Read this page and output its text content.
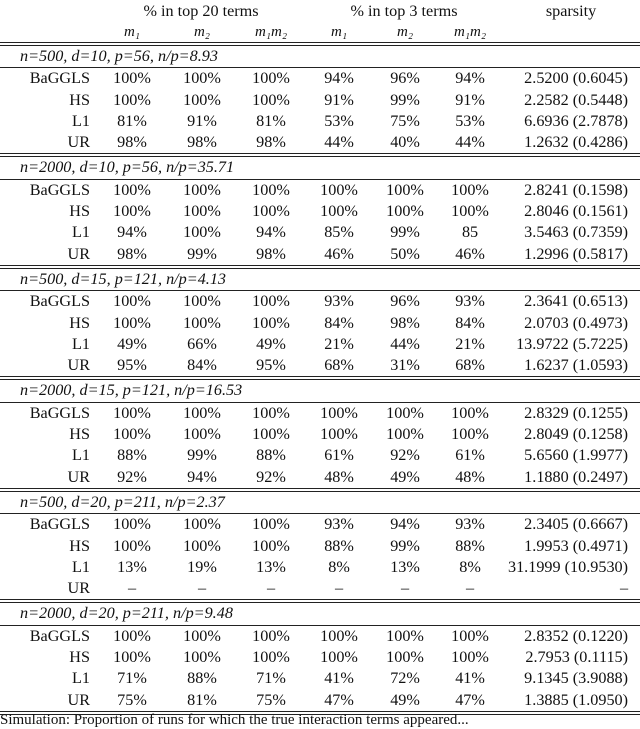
	% in top 20 terms			% in top 3 terms			sparsity
	m₁	m₂	m₁m₂	m₁	m₂	m₁m₂	
n=500, d=10, p=56, n/p=8.93							
BaGGLS	100%	100%	100%	94%	96%	94%	2.5200 (0.6045)
HS	100%	100%	100%	91%	99%	91%	2.2582 (0.5448)
L1	81%	91%	81%	53%	75%	53%	6.6936 (2.7878)
UR	98%	98%	98%	44%	40%	44%	1.2632 (0.4286)
n=2000, d=10, p=56, n/p=35.71							
BaGGLS	100%	100%	100%	100%	100%	100%	2.8241 (0.1598)
HS	100%	100%	100%	100%	100%	100%	2.8046 (0.1561)
L1	94%	100%	94%	85%	99%	85	3.5463 (0.7359)
UR	98%	99%	98%	46%	50%	46%	1.2996 (0.5817)
n=500, d=15, p=121, n/p=4.13							
BaGGLS	100%	100%	100%	93%	96%	93%	2.3641 (0.6513)
HS	100%	100%	100%	84%	98%	84%	2.0703 (0.4973)
L1	49%	66%	49%	21%	44%	21%	13.9722 (5.7225)
UR	95%	84%	95%	68%	31%	68%	1.6237 (1.0593)
n=2000, d=15, p=121, n/p=16.53							
BaGGLS	100%	100%	100%	100%	100%	100%	2.8329 (0.1255)
HS	100%	100%	100%	100%	100%	100%	2.8049 (0.1258)
L1	88%	99%	88%	61%	92%	61%	5.6560 (1.9977)
UR	92%	94%	92%	48%	49%	48%	1.1880 (0.2497)
n=500, d=20, p=211, n/p=2.37							
BaGGLS	100%	100%	100%	93%	94%	93%	2.3405 (0.6667)
HS	100%	100%	100%	88%	99%	88%	1.9953 (0.4971)
L1	13%	19%	13%	8%	13%	8%	31.1999 (10.9530)
UR	–	–	–	–	–	–	–
n=2000, d=20, p=211, n/p=9.48							
BaGGLS	100%	100%	100%	100%	100%	100%	2.8352 (0.1220)
HS	100%	100%	100%	100%	100%	100%	2.7953 (0.1115)
L1	71%	88%	71%	41%	72%	41%	9.1345 (3.9088)
UR	75%	81%	75%	47%	49%	47%	1.3885 (1.0950)
Simulation: Proportion of runs for which the true interaction terms appeared...
